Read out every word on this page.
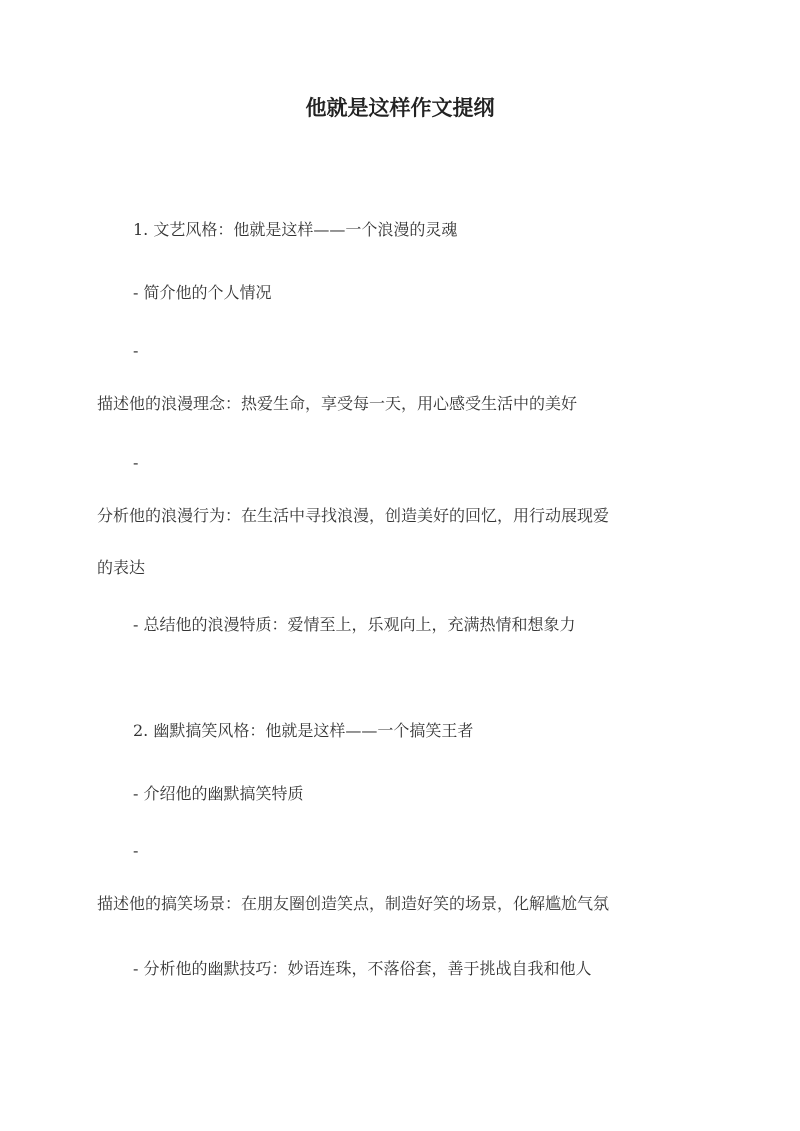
他就是这样作文提纲
1. 文艺风格：他就是这样——一个浪漫的灵魂
- 简介他的个人情况
-
描述他的浪漫理念：热爱生命，享受每一天，用心感受生活中的美好
-
分析他的浪漫行为：在生活中寻找浪漫，创造美好的回忆，用行动展现爱
的表达
- 总结他的浪漫特质：爱情至上，乐观向上，充满热情和想象力
2. 幽默搞笑风格：他就是这样——一个搞笑王者
- 介绍他的幽默搞笑特质
-
描述他的搞笑场景：在朋友圈创造笑点，制造好笑的场景，化解尴尬气氛
- 分析他的幽默技巧：妙语连珠，不落俗套，善于挑战自我和他人
